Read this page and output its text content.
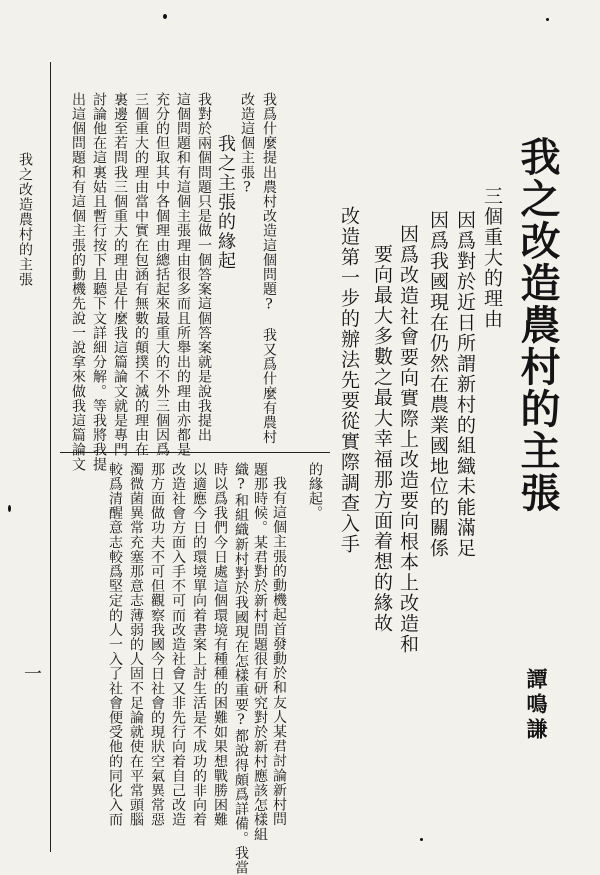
我之改造農村的主張
三個重大的理由
因爲對於近日所謂新村的組織未能滿足
因爲我國現在仍然在農業國地位的關係
因爲改造社會要向實際上改造要向根本上改造和
要向最大多數之最大幸福那方面着想的緣故
改造第一步的辦法先要從實際調查入手
譚鳴謙
的緣起。
我有這個主張的動機起首發動於和友人某君討論新村問
題那時候。某君對於新村問題很有研究對於新村應該怎樣組
織?和組織新村對於我國現在怎樣重要?都說得頗爲詳備。我當
時以爲我們今日處這個環境有種種的困難如果想戰勝困難
以適應今日的環境單向着書案上討生活是不成功的非向着
改造社會方面入手不可而改造社會又非先行向着自己改造
那方面做功夫不可但觀察我國今日社會的現狀空氣異常惡
濁微菌異常充塞那意志薄弱的人固不足論就使在平常頭腦
較爲清醒意志較爲堅定的人一入了社會便受他的同化入而
我爲什麼提出農村改造這個問題?　我又爲什麼有農村
改造這個主張?
我之主張的緣起
我對於兩個問題只是做一個答案這個答案就是說我提出
這個問題和有這個主張理由很多而且所舉出的理由亦都是
充分的但取其中各個理由總括起來最重大的不外三個因爲
三個重大的理由當中實在包涵有無數的顛撲不滅的理由在
裏邊至若問我三個重大的理由是什麼我這篇論文就是專門
討論他在這裏姑且暫行按下且聽下文詳細分解。等我將我提
出這個問題和有這個主張的動機先說一說拿來做我這篇論文
我之改造農村的主張
一
